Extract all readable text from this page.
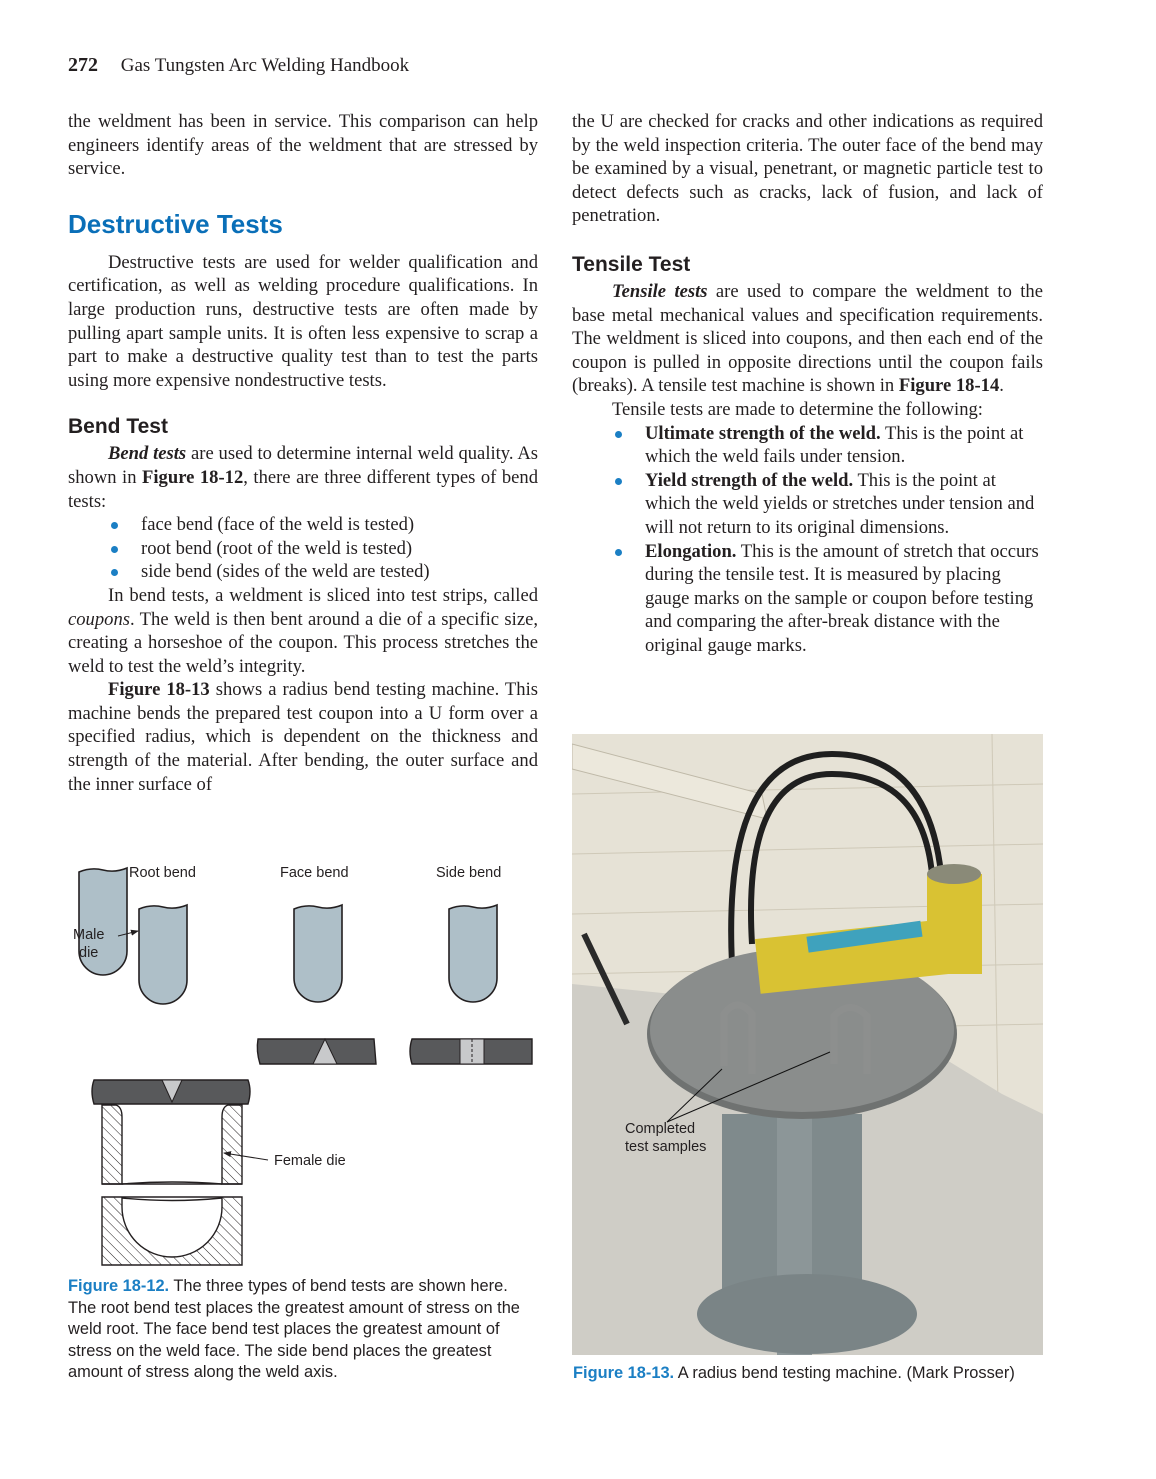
272 Gas Tungsten Arc Welding Handbook

the weldment has been in service. This comparison can help engineers identify areas of the weldment that are stressed by service.

Destructive Tests

Destructive tests are used for welder qualification and certification, as well as welding procedure qualifications. In large production runs, destructive tests are often made by pulling apart sample units. It is often less expensive to scrap a part to make a destructive quality test than to test the parts using more expensive nondestructive tests.

Bend Test

Bend tests are used to determine internal weld quality. As shown in Figure 18-12, there are three different types of bend tests:

face bend (face of the weld is tested)
root bend (root of the weld is tested)
side bend (sides of the weld are tested)

In bend tests, a weldment is sliced into test strips, called coupons. The weld is then bent around a die of a specific size, creating a horseshoe of the coupon. This process stretches the weld to test the weld’s integrity.

Figure 18-13 shows a radius bend testing machine. This machine bends the prepared test coupon into a U form over a specified radius, which is dependent on the thickness and strength of the material. After bending, the outer surface and the inner surface of

the U are checked for cracks and other indications as required by the weld inspection criteria. The outer face of the bend may be examined by a visual, penetrant, or magnetic particle test to detect defects such as cracks, lack of fusion, and lack of penetration.

Tensile Test

Tensile tests are used to compare the weldment to the base metal mechanical values and specification requirements. The weldment is sliced into coupons, and then each end of the coupon is pulled in opposite directions until the coupon fails (breaks). A tensile test machine is shown in Figure 18-14.

Tensile tests are made to determine the following:

Ultimate strength of the weld. This is the point at which the weld fails under tension.
Yield strength of the weld. This is the point at which the weld yields or stretches under tension and will not return to its original dimensions.
Elongation. This is the amount of stretch that occurs during the tensile test. It is measured by placing gauge marks on the sample or coupon before testing and comparing the after-break distance with the original gauge marks.
Root bend	Face bend	Side bend
Male
die
Female die
Figure 18-12. The three types of bend tests are shown here. The root bend test places the greatest amount of stress on the weld root. The face bend test places the greatest amount of stress on the weld face. The side bend places the greatest amount of stress along the weld axis.
Completed
test samples
Figure 18-13. A radius bend testing machine. (Mark Prosser)
